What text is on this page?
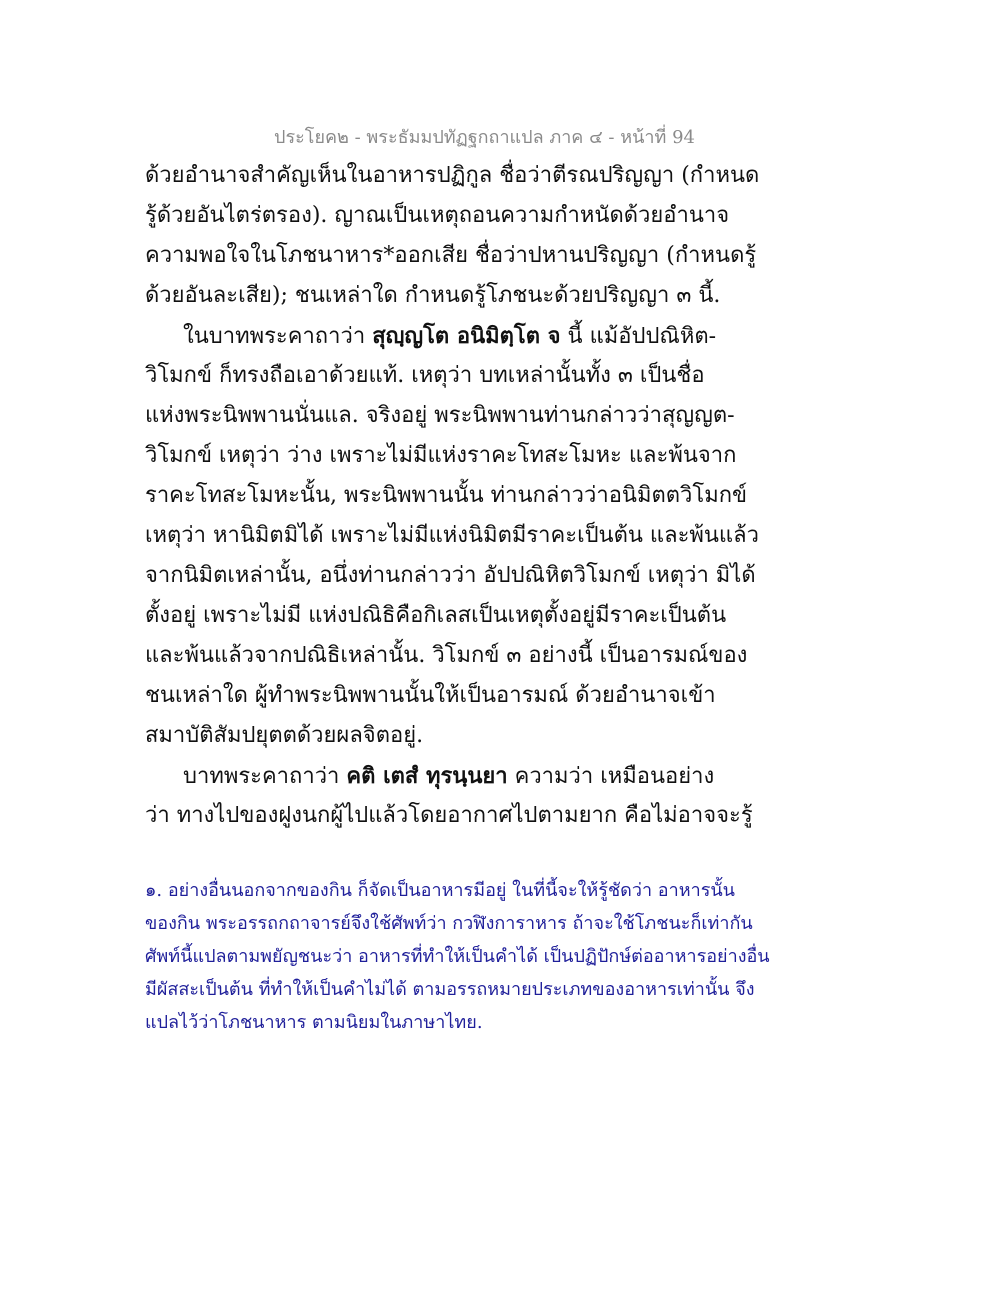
ประโยค๒ - พระธัมมปทัฏฐกถาแปล ภาค ๔ - หน้าที่ 94
ด้วยอำนาจสำคัญเห็นในอาหารปฏิกูล ชื่อว่าตีรณปริญญา (กำหนด
รู้ด้วยอันไตร่ตรอง). ญาณเป็นเหตุถอนความกำหนัดด้วยอำนาจ
ความพอใจในโภชนาหาร*ออกเสีย ชื่อว่าปหานปริญญา (กำหนดรู้
ด้วยอันละเสีย); ชนเหล่าใด กำหนดรู้โภชนะด้วยปริญญา ๓ นี้.
ในบาทพระคาถาว่า สุญฺญโต อนิมิตฺโต จ นี้ แม้อัปปณิหิต-
วิโมกข์ ก็ทรงถือเอาด้วยแท้. เหตุว่า บทเหล่านั้นทั้ง ๓ เป็นชื่อ
แห่งพระนิพพานนั่นแล. จริงอยู่ พระนิพพานท่านกล่าวว่าสุญญต-
วิโมกข์ เหตุว่า ว่าง เพราะไม่มีแห่งราคะโทสะโมหะ และพ้นจาก
ราคะโทสะโมหะนั้น, พระนิพพานนั้น ท่านกล่าวว่าอนิมิตตวิโมกข์
เหตุว่า หานิมิตมิได้ เพราะไม่มีแห่งนิมิตมีราคะเป็นต้น และพ้นแล้ว
จากนิมิตเหล่านั้น, อนึ่งท่านกล่าวว่า อัปปณิหิตวิโมกข์ เหตุว่า มิได้
ตั้งอยู่ เพราะไม่มี แห่งปณิธิคือกิเลสเป็นเหตุตั้งอยู่มีราคะเป็นต้น
และพ้นแล้วจากปณิธิเหล่านั้น. วิโมกข์ ๓ อย่างนี้ เป็นอารมณ์ของ
ชนเหล่าใด ผู้ทำพระนิพพานนั้นให้เป็นอารมณ์ ด้วยอำนาจเข้า
สมาบัติสัมปยุตตด้วยผลจิตอยู่.
บาทพระคาถาว่า คติ เตสํ ทุรนฺนยา ความว่า เหมือนอย่าง
ว่า ทางไปของฝูงนกผู้ไปแล้วโดยอากาศไปตามยาก คือไม่อาจจะรู้
๑. อย่างอื่นนอกจากของกิน ก็จัดเป็นอาหารมีอยู่ ในที่นี้จะให้รู้ชัดว่า อาหารนั้น
ของกิน พระอรรถกถาจารย์จึงใช้ศัพท์ว่า กวฬิงการาหาร ถ้าจะใช้โภชนะก็เท่ากัน
ศัพท์นี้แปลตามพยัญชนะว่า อาหารที่ทำให้เป็นคำได้ เป็นปฏิปักษ์ต่ออาหารอย่างอื่น
มีผัสสะเป็นต้น ที่ทำให้เป็นคำไม่ได้ ตามอรรถหมายประเภทของอาหารเท่านั้น จึง
แปลไว้ว่าโภชนาหาร ตามนิยมในภาษาไทย.
